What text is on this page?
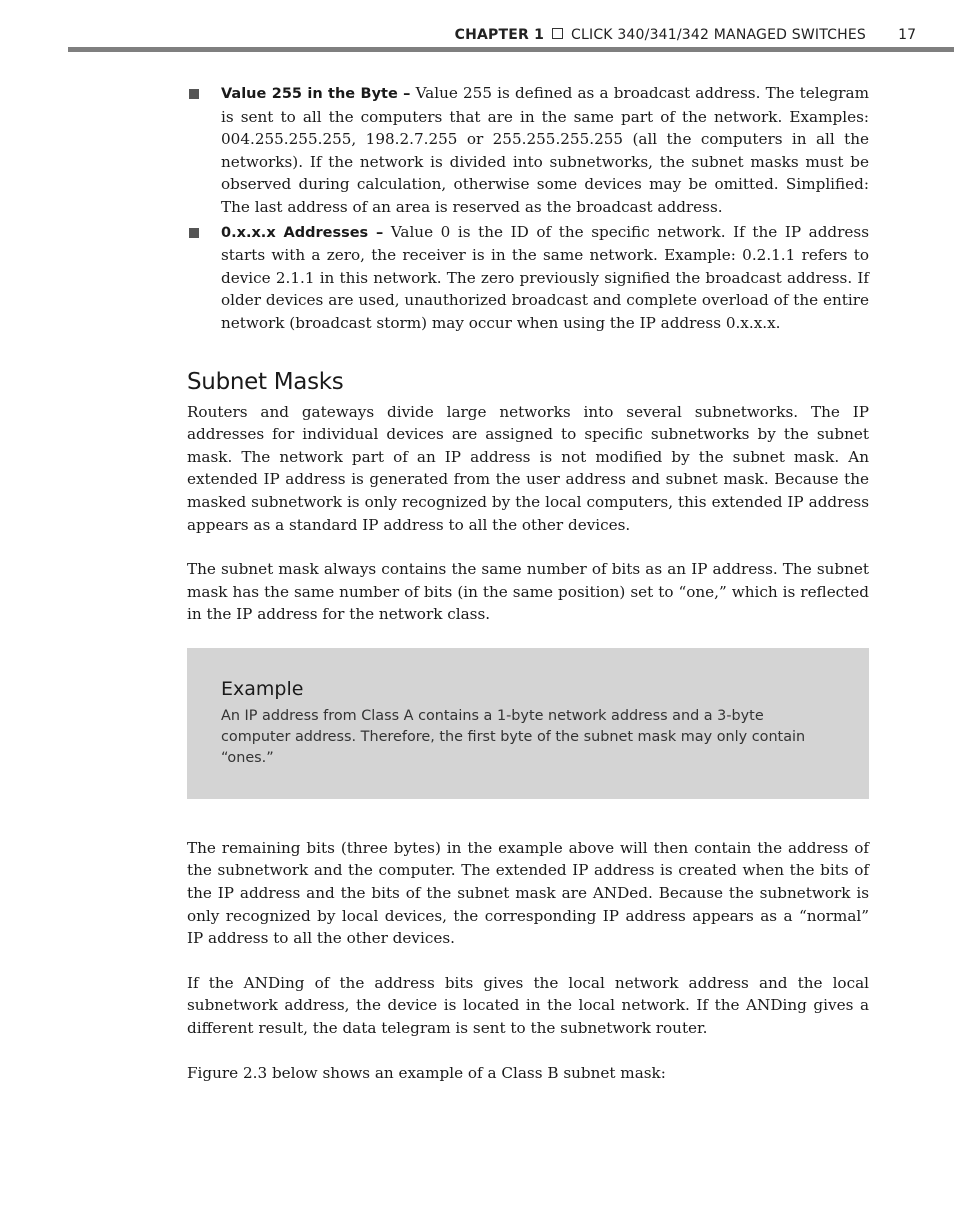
CHAPTER 1 CLICK 340/341/342 MANAGED SWITCHES 17
Value 255 in the Byte – Value 255 is defined as a broadcast address. The telegram is sent to all the computers that are in the same part of the network. Examples: 004.255.255.255, 198.2.7.255 or 255.255.255.255 (all the computers in all the networks). If the network is divided into subnetworks, the subnet masks must be observed during calculation, otherwise some devices may be omitted. Simplified: The last address of an area is reserved as the broadcast address.
0.x.x.x Addresses – Value 0 is the ID of the specific network. If the IP address starts with a zero, the receiver is in the same network. Example: 0.2.1.1 refers to device 2.1.1 in this network. The zero previously signified the broadcast address. If older devices are used, unauthorized broadcast and complete overload of the entire network (broadcast storm) may occur when using the IP address 0.x.x.x.
Subnet Masks

Routers and gateways divide large networks into several subnetworks. The IP addresses for individual devices are assigned to specific subnetworks by the subnet mask. The network part of an IP address is not modified by the subnet mask. An extended IP address is generated from the user address and subnet mask. Because the masked subnetwork is only recognized by the local computers, this extended IP address appears as a standard IP address to all the other devices.

The subnet mask always contains the same number of bits as an IP address. The subnet mask has the same number of bits (in the same position) set to “one,” which is reflected in the IP address for the network class.

Example
An IP address from Class A contains a 1-byte network address and a 3-byte computer address. Therefore, the first byte of the subnet mask may only contain “ones.”

The remaining bits (three bytes) in the example above will then contain the address of the subnetwork and the computer. The extended IP address is created when the bits of the IP address and the bits of the subnet mask are ANDed. Because the subnetwork is only recognized by local devices, the corresponding IP address appears as a “normal” IP address to all the other devices.

If the ANDing of the address bits gives the local network address and the local subnetwork address, the device is located in the local network. If the ANDing gives a different result, the data telegram is sent to the subnetwork router.

Figure 2.3 below shows an example of a Class B subnet mask:
